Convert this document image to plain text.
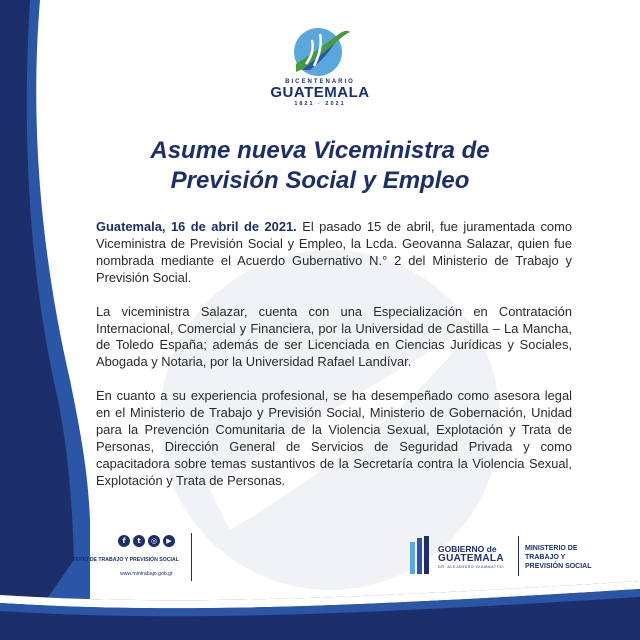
BICENTENARIO
GUATEMALA
1821 · 2021
Asume nueva Viceministra de
Previsión Social y Empleo

Guatemala, 16 de abril de 2021. El pasado 15 de abril, fue juramentada como Viceministra de Previsión Social y Empleo, la Lcda. Geovanna Salazar, quien fue nombrada mediante el Acuerdo Gubernativo N.° 2 del Ministerio de Trabajo y Previsión Social.

La viceministra Salazar, cuenta con una Especialización en Contratación Internacional, Comercial y Financiera, por la Universidad de Castilla – La Mancha, de Toledo España; además de ser Licenciada en Ciencias Jurídicas y Sociales, Abogada y Notaria, por la Universidad Rafael Landívar.

En cuanto a su experiencia profesional, se ha desempeñado como asesora legal en el Ministerio de Trabajo y Previsión Social, Ministerio de Gobernación, Unidad para la Prevención Comunitaria de la Violencia Sexual, Explotación y Trata de Personas, Dirección General de Servicios de Seguridad Privada y como capacitadora sobre temas sustantivos de la Secretaría contra la Violencia Sexual, Explotación y Trata de Personas.

f	t	◎	▶
MINISTERIO DE TRABAJO Y PREVISIÓN SOCIAL
www.mintrabajo.gob.gt
GOBIERNO de
GUATEMALA
DR. ALEJANDRO GIAMMATTEI
MINISTERIO DE
TRABAJO Y
PREVISIÓN SOCIAL
